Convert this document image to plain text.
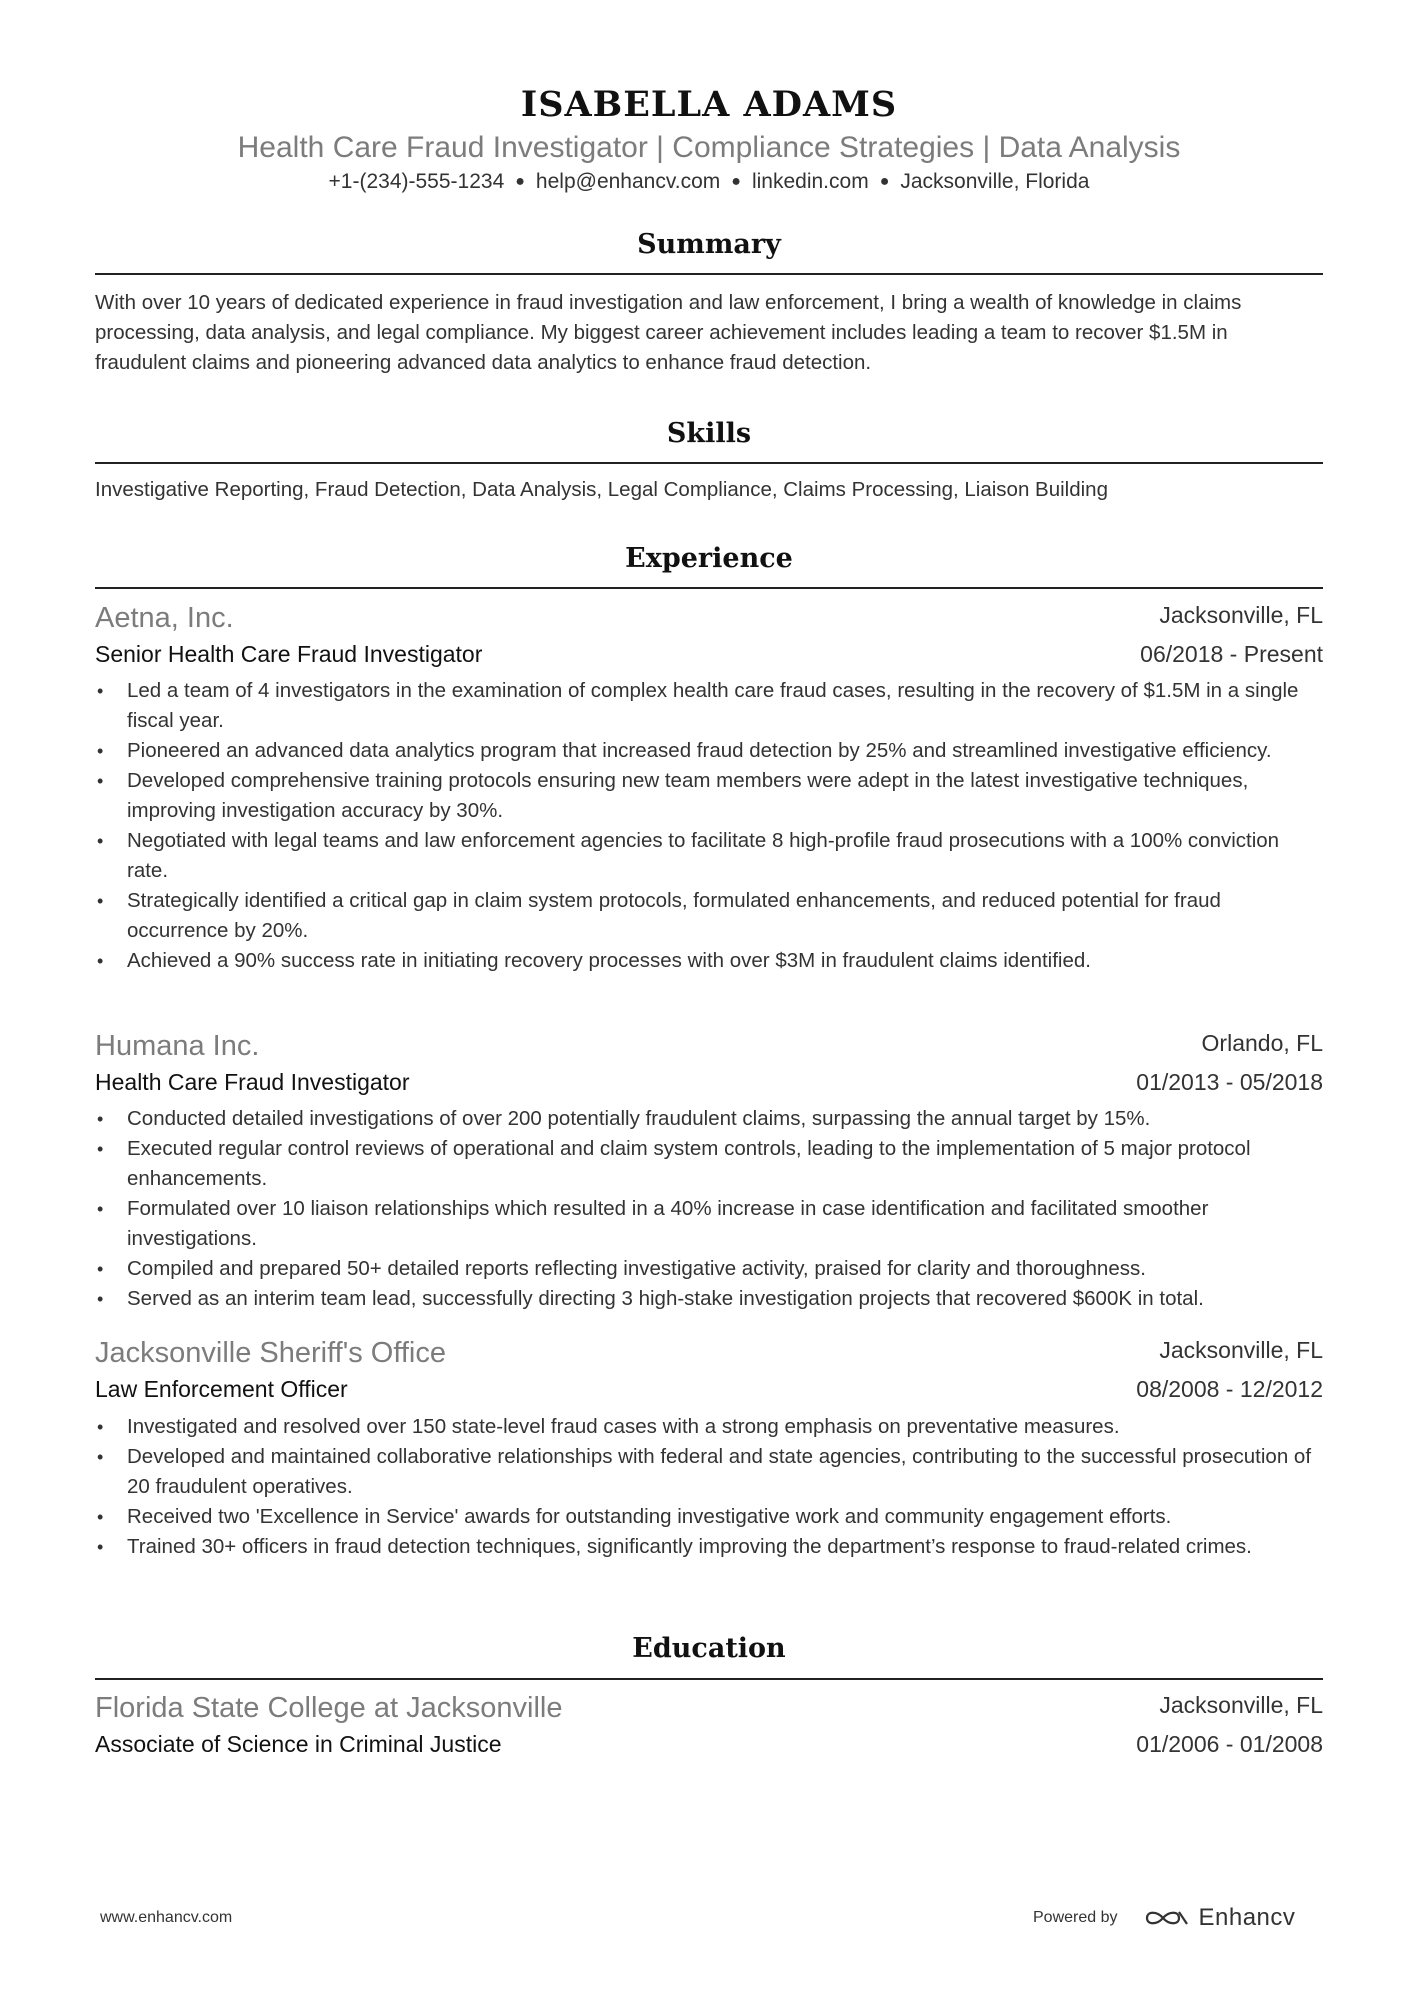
ISABELLA ADAMS
Health Care Fraud Investigator | Compliance Strategies | Data Analysis
+1-(234)-555-1234 ● help@enhancv.com ● linkedin.com ● Jacksonville, Florida
Summary
With over 10 years of dedicated experience in fraud investigation and law enforcement, I bring a wealth of knowledge in claims processing, data analysis, and legal compliance. My biggest career achievement includes leading a team to recover $1.5M in fraudulent claims and pioneering advanced data analytics to enhance fraud detection.
Skills
Investigative Reporting, Fraud Detection, Data Analysis, Legal Compliance, Claims Processing, Liaison Building
Experience
Aetna, Inc.	Jacksonville, FL
Senior Health Care Fraud Investigator	06/2018 - Present
• Led a team of 4 investigators in the examination of complex health care fraud cases, resulting in the recovery of $1.5M in a single fiscal year.
• Pioneered an advanced data analytics program that increased fraud detection by 25% and streamlined investigative efficiency.
• Developed comprehensive training protocols ensuring new team members were adept in the latest investigative techniques, improving investigation accuracy by 30%.
• Negotiated with legal teams and law enforcement agencies to facilitate 8 high-profile fraud prosecutions with a 100% conviction rate.
• Strategically identified a critical gap in claim system protocols, formulated enhancements, and reduced potential for fraud occurrence by 20%.
• Achieved a 90% success rate in initiating recovery processes with over $3M in fraudulent claims identified.
Humana Inc.	Orlando, FL
Health Care Fraud Investigator	01/2013 - 05/2018
• Conducted detailed investigations of over 200 potentially fraudulent claims, surpassing the annual target by 15%.
• Executed regular control reviews of operational and claim system controls, leading to the implementation of 5 major protocol enhancements.
• Formulated over 10 liaison relationships which resulted in a 40% increase in case identification and facilitated smoother investigations.
• Compiled and prepared 50+ detailed reports reflecting investigative activity, praised for clarity and thoroughness.
• Served as an interim team lead, successfully directing 3 high-stake investigation projects that recovered $600K in total.
Jacksonville Sheriff's Office	Jacksonville, FL
Law Enforcement Officer	08/2008 - 12/2012
• Investigated and resolved over 150 state-level fraud cases with a strong emphasis on preventative measures.
• Developed and maintained collaborative relationships with federal and state agencies, contributing to the successful prosecution of 20 fraudulent operatives.
• Received two 'Excellence in Service' awards for outstanding investigative work and community engagement efforts.
• Trained 30+ officers in fraud detection techniques, significantly improving the department’s response to fraud-related crimes.
Education
Florida State College at Jacksonville	Jacksonville, FL
Associate of Science in Criminal Justice	01/2006 - 01/2008
www.enhancv.com	Powered by	Enhancv
